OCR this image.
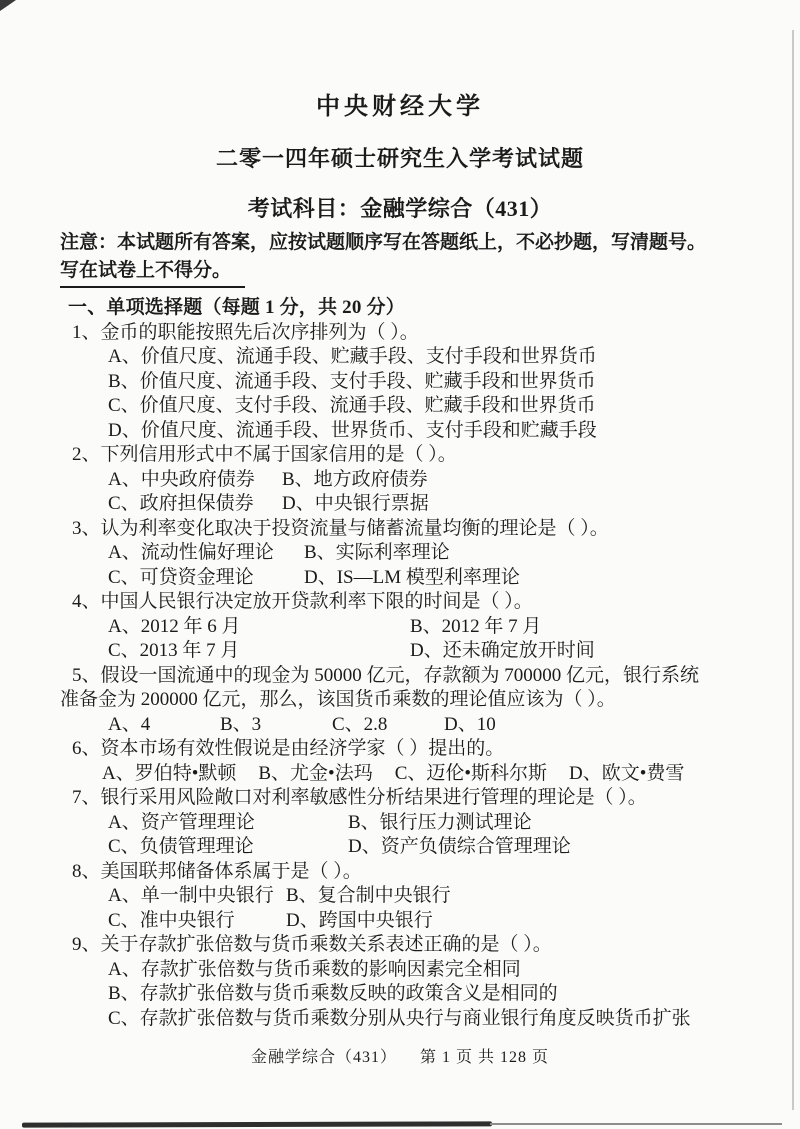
中央财经大学
二零一四年硕士研究生入学考试试题
考试科目：金融学综合（431）
注意：本试题所有答案，应按试题顺序写在答题纸上，不必抄题，写清题号。
写在试卷上不得分。
一、单项选择题（每题 1 分，共 20 分）
1、金币的职能按照先后次序排列为（ ）。
A、价值尺度、流通手段、贮藏手段、支付手段和世界货币
B、价值尺度、流通手段、支付手段、贮藏手段和世界货币
C、价值尺度、支付手段、流通手段、贮藏手段和世界货币
D、价值尺度、流通手段、世界货币、支付手段和贮藏手段
2、下列信用形式中不属于国家信用的是（ ）。
A、中央政府债券	B、地方政府债券
C、政府担保债券	D、中央银行票据
3、认为利率变化取决于投资流量与储蓄流量均衡的理论是（ ）。
A、流动性偏好理论	B、实际利率理论
C、可贷资金理论	D、IS—LM 模型利率理论
4、中国人民银行决定放开贷款利率下限的时间是（ ）。
A、2012 年 6 月	B、2012 年 7 月
C、2013 年 7 月	D、还未确定放开时间
5、假设一国流通中的现金为 50000 亿元，存款额为 700000 亿元，银行系统
准备金为 200000 亿元，那么，该国货币乘数的理论值应该为（ ）。
A、4	B、3	C、2.8	D、10
6、资本市场有效性假说是由经济学家（ ）提出的。
A、罗伯特•默顿 B、尤金•法玛 C、迈伦•斯科尔斯 D、欧文•费雪
7、银行采用风险敞口对利率敏感性分析结果进行管理的理论是（ ）。
A、资产管理理论	B、银行压力测试理论
C、负债管理理论	D、资产负债综合管理理论
8、美国联邦储备体系属于是（ ）。
A、单一制中央银行 B、复合制中央银行
C、准中央银行	D、跨国中央银行
9、关于存款扩张倍数与货币乘数关系表述正确的是（ ）。
A、存款扩张倍数与货币乘数的影响因素完全相同
B、存款扩张倍数与货币乘数反映的政策含义是相同的
C、存款扩张倍数与货币乘数分别从央行与商业银行角度反映货币扩张
金融学综合（431） 第 1 页 共 128 页
